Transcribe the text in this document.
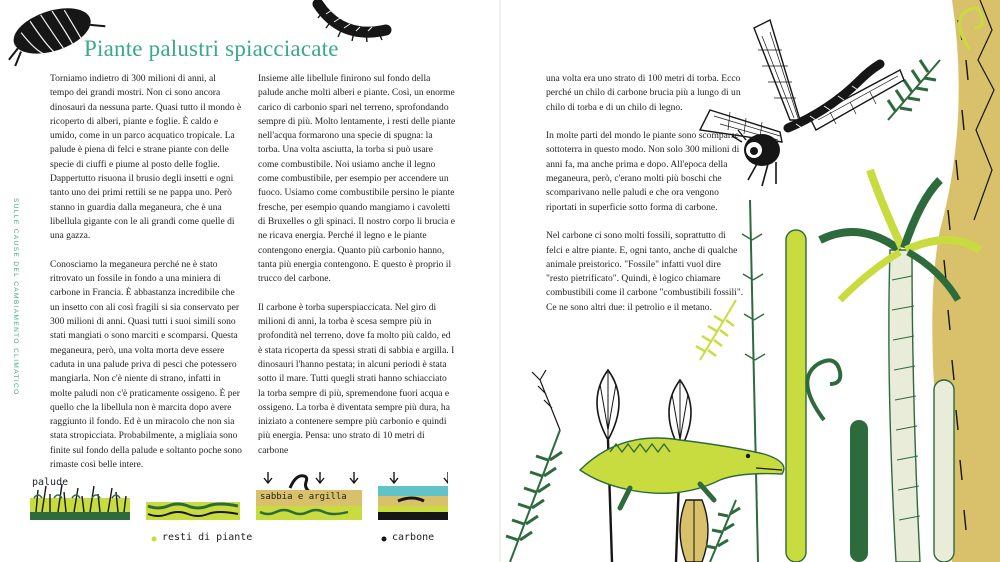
Piante palustri spiacciacate
SULLE CAUSE DEL CAMBIAMENTO CLIMATICO

Torniamo indietro di 300 milioni di anni, al tempo dei grandi mostri. Non ci sono ancora dinosauri da nessuna parte. Quasi tutto il mondo è ricoperto di alberi, piante e foglie. È caldo e umido, come in un parco acquatico tropicale. La palude è piena di felci e strane piante con delle specie di ciuffi e piume al posto delle foglie. Dappertutto risuona il brusio degli insetti e ogni tanto uno dei primi rettili se ne pappa uno. Però stanno in guardia dalla meganeura, che è una libellula gigante con le ali grandi come quelle di una gazza.

Conosciamo la meganeura perché ne è stato ritrovato un fossile in fondo a una miniera di carbone in Francia. È abbastanza incredibile che un insetto con ali così fragili si sia conservato per 300 milioni di anni. Quasi tutti i suoi simili sono stati mangiati o sono marciti e scomparsi. Questa meganeura, però, una volta morta deve essere caduta in una palude priva di pesci che potessero mangiarla. Non c'è niente di strano, infatti in molte paludi non c'è praticamente ossigeno. È per quello che la libellula non è marcita dopo avere raggiunto il fondo. Ed è un miracolo che non sia stata stropicciata. Probabilmente, a migliaia sono finite sul fondo della palude e soltanto poche sono rimaste così belle intere.

Insieme alle libellule finirono sul fondo della palude anche molti alberi e piante. Così, un enorme carico di carbonio sparì nel terreno, sprofondando sempre di più. Molto lentamente, i resti delle piante nell'acqua formarono una specie di spugna: la torba. Una volta asciutta, la torba si può usare come combustibile. Noi usiamo anche il legno come combustibile, per esempio per accendere un fuoco. Usiamo come combustibile persino le piante fresche, per esempio quando mangiamo i cavoletti di Bruxelles o gli spinaci. Il nostro corpo li brucia e ne ricava energia. Perché il legno e le piante contengono energia. Quanto più carbonio hanno, tanta più energia contengono. E questo è proprio il trucco del carbone.

Il carbone è torba superspiaccicata. Nel giro di milioni di anni, la torba è scesa sempre più in profondità nel terreno, dove fa molto più caldo, ed è stata ricoperta da spessi strati di sabbia e argilla. I dinosauri l'hanno pestata; in alcuni periodi è stata sotto il mare. Tutti quegli strati hanno schiacciato la torba sempre di più, spremendone fuori acqua e ossigeno. La torba è diventata sempre più dura, ha iniziato a contenere sempre più carbonio e quindi più energia. Pensa: uno strato di 10 metri di carbone

palude
resti di piante
sabbia e argilla
carbone

una volta era uno strato di 100 metri di torba. Ecco perché un chilo di carbone brucia più a lungo di un chilo di torba e di un chilo di legno.

In molte parti del mondo le piante sono scomparse sottoterra in questo modo. Non solo 300 milioni di anni fa, ma anche prima e dopo. All'epoca della meganeura, però, c'erano molti più boschi che scomparivano nelle paludi e che ora vengono riportati in superficie sotto forma di carbone.

Nel carbone ci sono molti fossili, soprattutto di felci e altre piante. E, ogni tanto, anche di qualche animale preistorico. "Fossile" infatti vuol dire "resto pietrificato". Quindi, è logico chiamare combustibili come il carbone "combustibili fossili". Ce ne sono altri due: il petrolio e il metano.
